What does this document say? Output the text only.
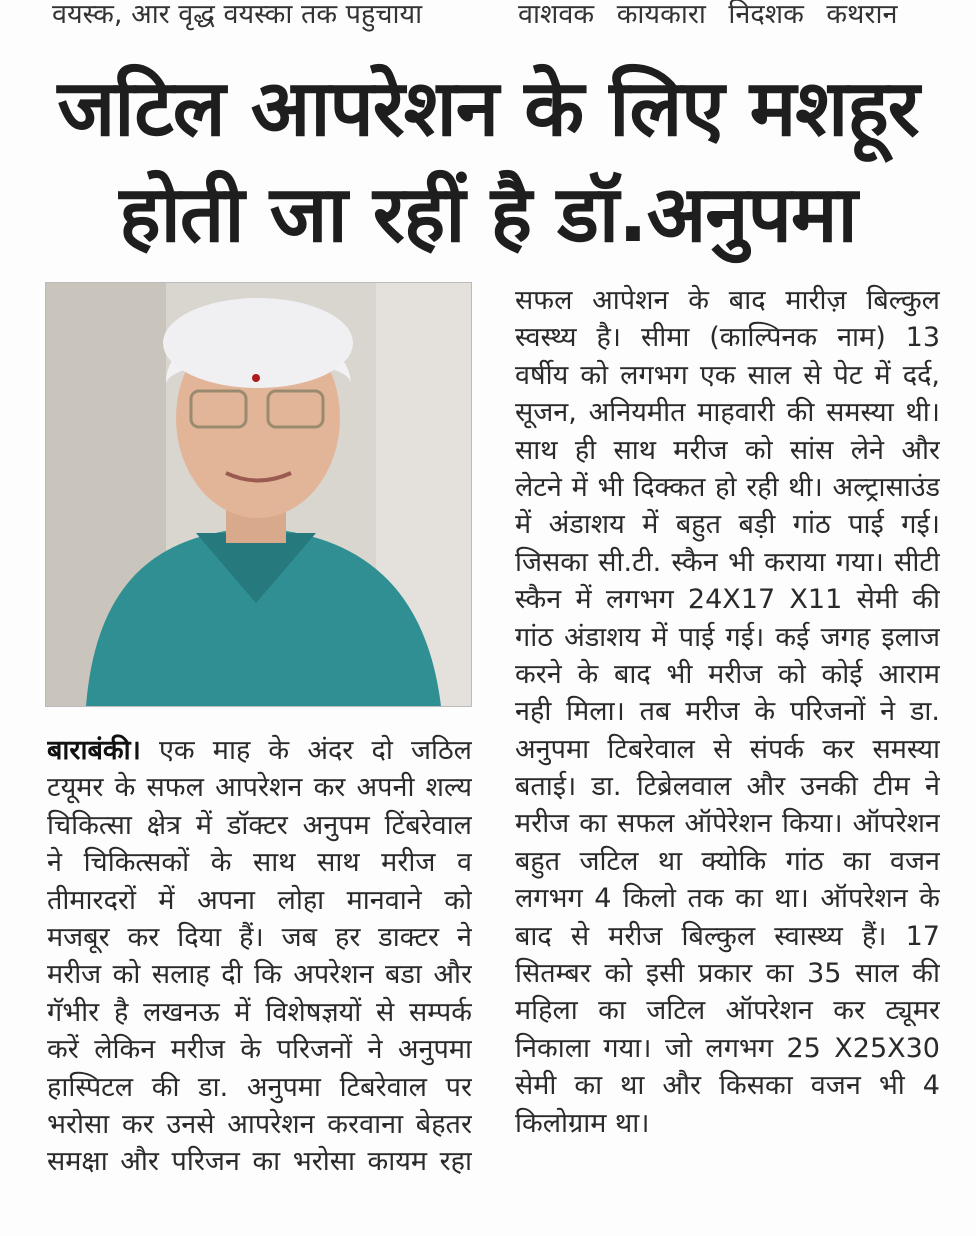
वयस्क, आर वृद्ध वयस्का तक पहुचाया	वाशवक कायकारा निदशक कथरान
जटिल आपरेशन के लिए मशहूर
होती जा रहीं है डॉ.अनुपमा
सफल आपेशन के बाद मारीज़ बिल्कुल
स्वस्थ्य है। सीमा (काल्पिनक नाम) 13
वर्षीय को लगभग एक साल से पेट में दर्द,
सूजन, अनियमीत माहवारी की समस्या थी।
साथ ही साथ मरीज को सांस लेने और
लेटने में भी दिक्कत हो रही थी। अल्ट्रासाउंड
में अंडाशय में बहुत बड़ी गांठ पाई गई।
जिसका सी.टी. स्कैन भी कराया गया। सीटी
स्कैन में लगभग 24X17 X11 सेमी की
गांठ अंडाशय में पाई गई। कई जगह इलाज
करने के बाद भी मरीज को कोई आराम
नही मिला। तब मरीज के परिजनों ने डा.
अनुपमा टिबरेवाल से संपर्क कर समस्या
बताई। डा. टिब्रेलवाल और उनकी टीम ने
मरीज का सफल ऑपेरेशन किया। ऑपरेशन
बहुत जटिल था क्योकि गांठ का वजन
लगभग 4 किलो तक का था। ऑपरेशन के
बाद से मरीज बिल्कुल स्वास्थ्य हैं। 17
सितम्बर को इसी प्रकार का 35 साल की
महिला का जटिल ऑपरेशन कर ट्यूमर
निकाला गया। जो लगभग 25 X25X30
सेमी का था और किसका वजन भी 4
किलोग्राम था।
बाराबंकी। एक माह के अंदर दो जठिल
टयूमर के सफल आपरेशन कर अपनी शल्य
चिकित्सा क्षेत्र में डॉक्टर अनुपम टिंबरेवाल
ने चिकित्सकों के साथ साथ मरीज व
तीमारदरों में अपना लोहा मानवाने को
मजबूर कर दिया हैं। जब हर डाक्टर ने
मरीज को सलाह दी कि अपरेशन बडा और
गॅभीर है लखनऊ में विशेषज्ञयों से सम्पर्क
करें लेकिन मरीज के परिजनों ने अनुपमा
हास्पिटल की डा. अनुपमा टिबरेवाल पर
भरोसा कर उनसे आपरेशन करवाना बेहतर
समक्षा और परिजन का भरोसा कायम रहा
